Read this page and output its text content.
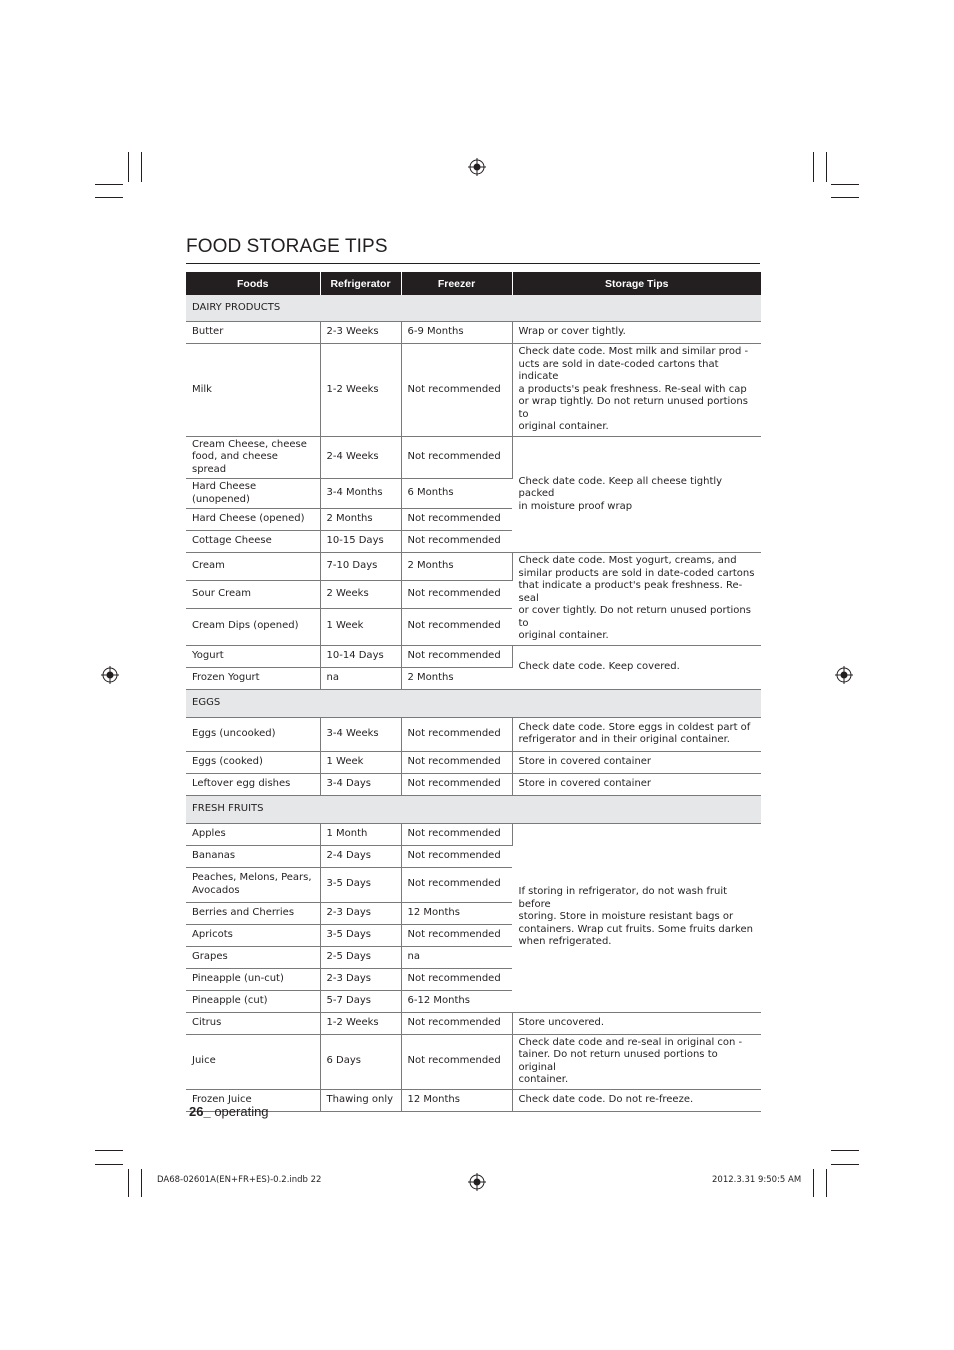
FOOD STORAGE TIPS
Foods	Refrigerator	Freezer	Storage Tips
DAIRY PRODUCTS			
Butter	2-3 Weeks	6-9 Months	Wrap or cover tightly.
Milk	1-2 Weeks	Not recommended	Check date code. Most milk and similar prod -
ucts are sold in date-coded cartons that indicate
a products's peak freshness. Re-seal with cap
or wrap tightly. Do not return unused portions to
original container.
Cream Cheese, cheese
food, and cheese spread	2-4 Weeks	Not recommended	Check date code. Keep all cheese tightly packed
in moisture proof wrap
Hard Cheese (unopened)	3-4 Months	6 Months	
Hard Cheese (opened)	2 Months	Not recommended	
Cottage Cheese	10-15 Days	Not recommended	
Cream	7-10 Days	2 Months	Check date code. Most yogurt, creams, and
similar products are sold in date-coded cartons
that indicate a product's peak freshness. Re-seal
or cover tightly. Do not return unused portions to
original container.
Sour Cream	2 Weeks	Not recommended	
Cream Dips (opened)	1 Week	Not recommended	
Yogurt	10-14 Days	Not recommended	Check date code. Keep covered.
Frozen Yogurt	na	2 Months	
EGGS			
Eggs (uncooked)	3-4 Weeks	Not recommended	Check date code. Store eggs in coldest part of
refrigerator and in their original container.
Eggs (cooked)	1 Week	Not recommended	Store in covered container
Leftover egg dishes	3-4 Days	Not recommended	Store in covered container
FRESH FRUITS			
Apples	1 Month	Not recommended	If storing in refrigerator, do not wash fruit before
storing. Store in moisture resistant bags or
containers. Wrap cut fruits. Some fruits darken
when refrigerated.
Bananas	2-4 Days	Not recommended	
Peaches, Melons, Pears,
Avocados	3-5 Days	Not recommended	
Berries and Cherries	2-3 Days	12 Months	
Apricots	3-5 Days	Not recommended	
Grapes	2-5 Days	na	
Pineapple (un-cut)	2-3 Days	Not recommended	
Pineapple (cut)	5-7 Days	6-12 Months	
Citrus	1-2 Weeks	Not recommended	Store uncovered.
Juice	6 Days	Not recommended	Check date code and re-seal in original con -
tainer. Do not return unused portions to original
container.
Frozen Juice	Thawing only	12 Months	Check date code. Do not re-freeze.
26_ operating
DA68-02601A(EN+FR+ES)-0.2.indb 22	2012.3.31 9:50:5 AM
